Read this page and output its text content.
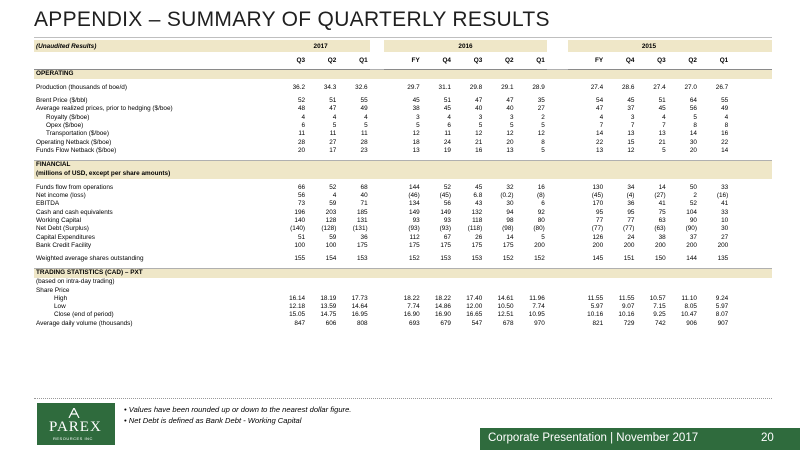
APPENDIX – SUMMARY OF QUARTERLY RESULTS
(Unaudited Results)	2017				2016						2015					
	Q3	Q2	Q1		FY	Q4	Q3	Q2	Q1		FY	Q4	Q3	Q2	Q1	
OPERATING																

Production (thousands of boe/d)	36.2	34.3	32.6		29.7	31.1	29.8	29.1	28.9		27.4	28.6	27.4	27.0	26.7	

Brent Price ($/bbl)	52	51	55		45	51	47	47	35		54	45	51	64	55	
Average realized prices, prior to hedging ($/boe)	48	47	49		38	45	40	40	27		47	37	45	56	49	
Royalty ($/boe)	4	4	4		3	4	3	3	2		4	3	4	5	4	
Opex ($/boe)	6	5	5		5	6	5	5	5		7	7	7	8	8	
Transportation ($/boe)	11	11	11		12	11	12	12	12		14	13	13	14	16	
Operating Netback ($/boe)	28	27	28		18	24	21	20	8		22	15	21	30	22	
Funds Flow Netback ($/boe)	20	17	23		13	19	16	13	5		13	12	5	20	14	

FINANCIAL																
(millions of USD, except per share amounts)																

Funds flow from operations	66	52	68		144	52	45	32	16		130	34	14	50	33	
Net income (loss)	56	4	40		(46)	(45)	6.8	(0.2)	(8)		(45)	(4)	(27)	2	(16)	
EBITDA	73	59	71		134	56	43	30	6		170	36	41	52	41	
Cash and cash equivalents	196	203	185		149	149	132	94	92		95	95	75	104	33	
Working Capital	140	128	131		93	93	118	98	80		77	77	63	90	10	
Net Debt (Surplus)	(140)	(128)	(131)		(93)	(93)	(118)	(98)	(80)		(77)	(77)	(63)	(90)	30	
Capital Expenditures	51	59	36		112	67	26	14	5		126	24	38	37	27	
Bank Credit Facility	100	100	175		175	175	175	175	200		200	200	200	200	200	

Weighted average shares outstanding	155	154	153		152	153	153	152	152		145	151	150	144	135	

TRADING STATISTICS (CAD) – PXT																
(based on intra-day trading)																
Share Price																
High	16.14	18.19	17.73		18.22	18.22	17.40	14.61	11.96		11.55	11.55	10.57	11.10	9.24	
Low	12.18	13.59	14.64		7.74	14.86	12.00	10.50	7.74		5.97	9.07	7.15	8.05	5.97	
Close (end of period)	15.05	14.75	16.95		16.90	16.90	16.65	12.51	10.95		10.16	10.16	9.25	10.47	8.07	
Average daily volume (thousands)	847	606	808		693	679	547	678	970		821	729	742	906	907	
PAREX
RESOURCES INC
• Values have been rounded up or down to the nearest dollar figure.
• Net Debt is defined as Bank Debt - Working Capital
Corporate Presentation | November 2017	20
